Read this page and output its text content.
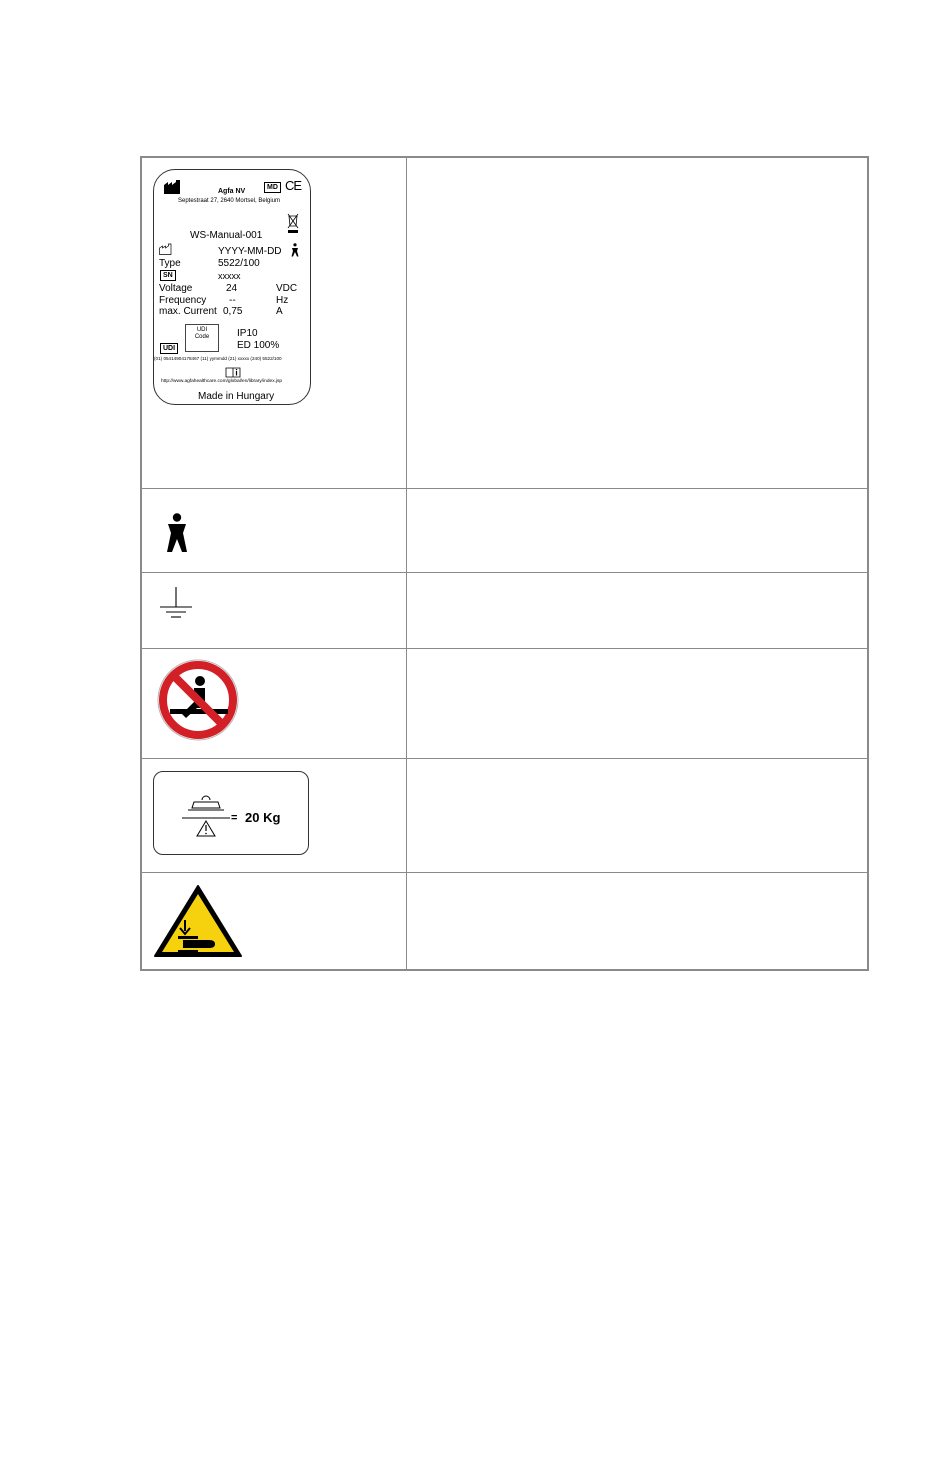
Agfa NV
MD CE
Septestraat 27, 2640 Mortsel, Belgium
WS-Manual-001
YYYY-MM-DD
Type	5522/100
SN	xxxxx
Voltage	24	VDC
Frequency --	Hz
max. Current 0,75	A
UDI
Code	IP10
ED 100%
UDI
(01) 05414904178467 (11) yymmdd (21) xxxxx (240) 5522/100
http://www.agfahealthcare.com/global/en/library/index.jsp
Made in Hungary
= 20 Kg
